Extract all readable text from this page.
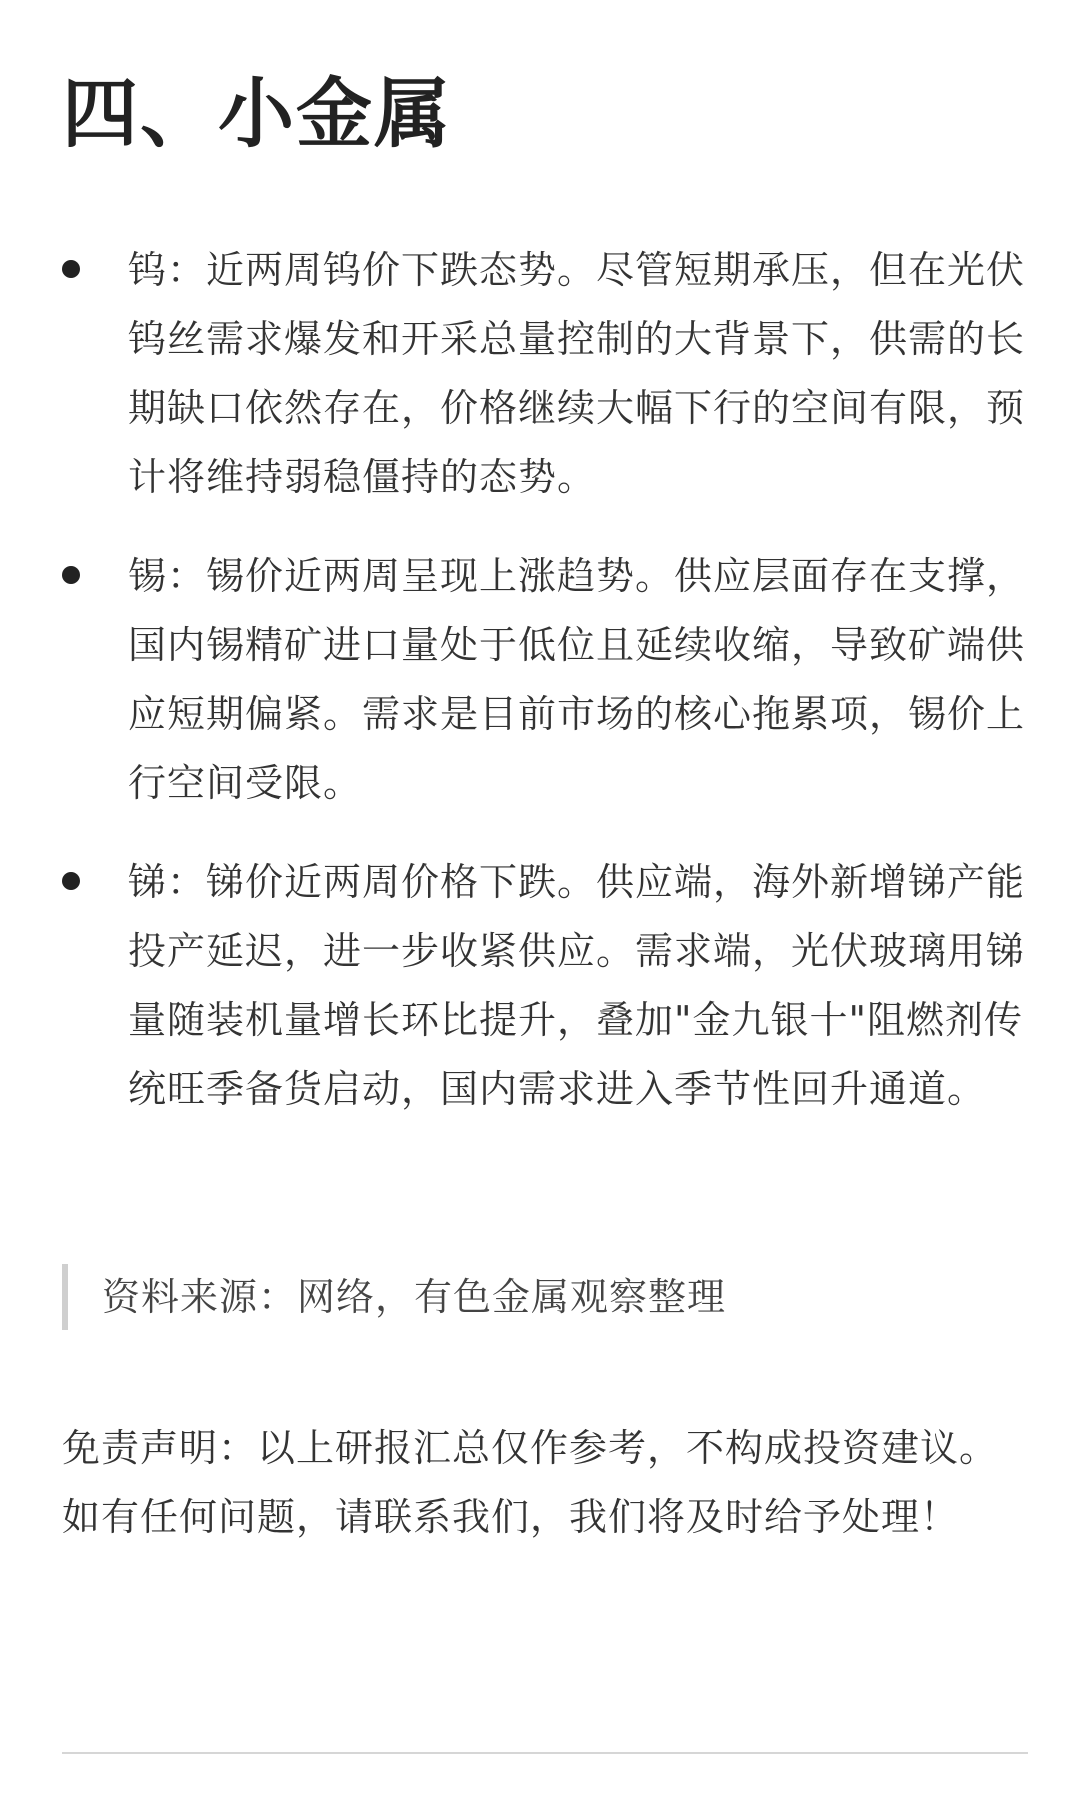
四、小金属
钨：近两周钨价下跌态势。尽管短期承压，但在光伏钨丝需求爆发和开采总量控制的大背景下，供需的长期缺口依然存在，价格继续大幅下行的空间有限，预计将维持弱稳僵持的态势。
锡：锡价近两周呈现上涨趋势。供应层面存在支撑，国内锡精矿进口量处于低位且延续收缩，导致矿端供应短期偏紧。需求是目前市场的核心拖累项，锡价上行空间受限。
锑：锑价近两周价格下跌。供应端，海外新增锑产能投产延迟，进一步收紧供应。需求端，光伏玻璃用锑量随装机量增长环比提升，叠加"金九银十"阻燃剂传统旺季备货启动，国内需求进入季节性回升通道。
资料来源：网络，有色金属观察整理

免责声明：以上研报汇总仅作参考，不构成投资建议。如有任何问题，请联系我们，我们将及时给予处理！
